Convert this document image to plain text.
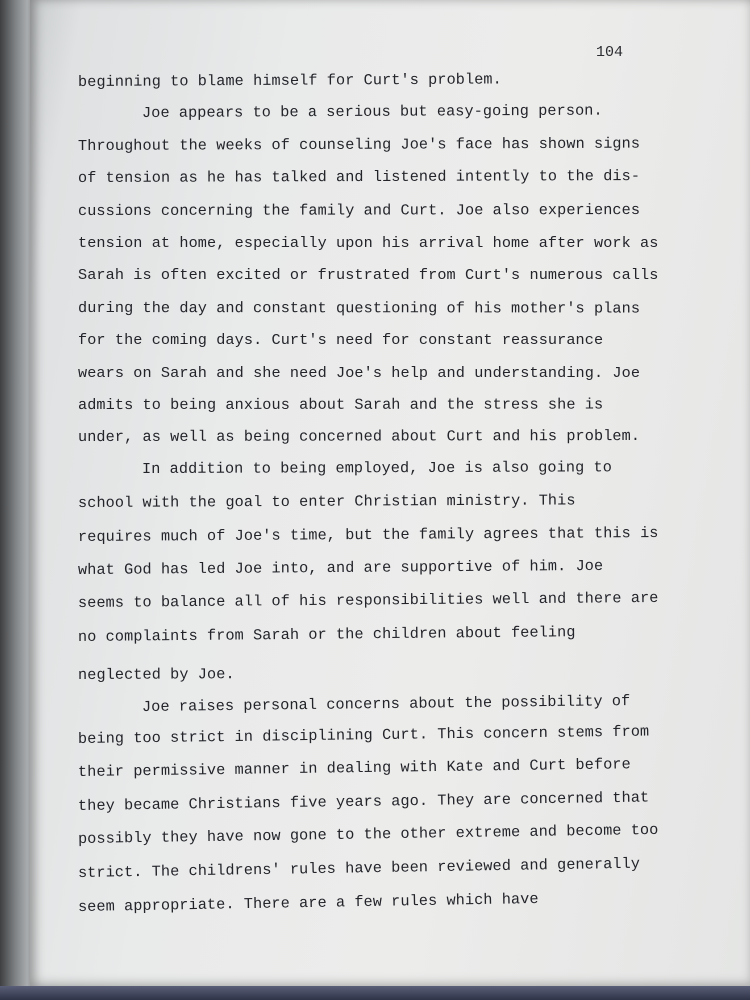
104
beginning to blame himself for Curt's problem.
Joe appears to be a serious but easy-going person.
Throughout the weeks of counseling Joe's face has shown signs
of tension as he has talked and listened intently to the dis-
cussions concerning the family and Curt. Joe also experiences
tension at home, especially upon his arrival home after work as
Sarah is often excited or frustrated from Curt's numerous calls
during the day and constant questioning of his mother's plans
for the coming days. Curt's need for constant reassurance
wears on Sarah and she need Joe's help and understanding. Joe
admits to being anxious about Sarah and the stress she is
under, as well as being concerned about Curt and his problem.
In addition to being employed, Joe is also going to
school with the goal to enter Christian ministry. This
requires much of Joe's time, but the family agrees that this is
what God has led Joe into, and are supportive of him. Joe
seems to balance all of his responsibilities well and there are
no complaints from Sarah or the children about feeling
neglected by Joe.
Joe raises personal concerns about the possibility of
being too strict in disciplining Curt. This concern stems from
their permissive manner in dealing with Kate and Curt before
they became Christians five years ago. They are concerned that
possibly they have now gone to the other extreme and become too
strict. The childrens' rules have been reviewed and generally
seem appropriate. There are a few rules which have
